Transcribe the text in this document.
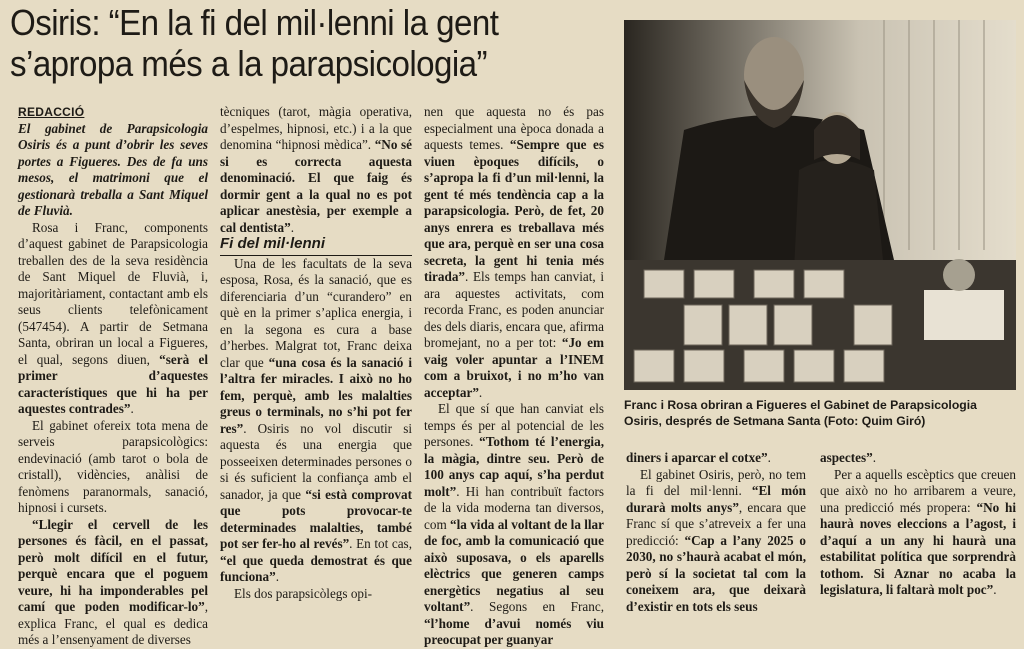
Osiris: “En la fi del mil·lenni la gent
s’apropa més a la parapsicologia”

REDACCIÓ

El gabinet de Parapsicologia Osiris és a punt d’obrir les seves portes a Figueres. Des de fa uns mesos, el matrimoni que el gestionarà treballa a Sant Miquel de Fluvià.

Rosa i Franc, components d’aquest gabinet de Parapsicologia treballen des de la seva residència de Sant Miquel de Fluvià, i, majoritàriament, contactant amb els seus clients telefònicament (547454). A partir de Setmana Santa, obriran un local a Figueres, el qual, segons diuen, “serà el primer d’aquestes característiques que hi ha per aquestes contrades”.

El gabinet ofereix tota mena de serveis parapsicològics: endevinació (amb tarot o bola de cristall), vidències, anàlisi de fenòmens paranormals, sanació, hipnosi i cursets.

“Llegir el cervell de les persones és fàcil, en el passat, però molt difícil en el futur, perquè encara que el poguem veure, hi ha imponderables pel camí que poden modificar-lo”, explica Franc, el qual es dedica més a l’ensenyament de diverses

tècniques (tarot, màgia operativa, d’espelmes, hipnosi, etc.) i a la que denomina “hipnosi mèdica”. “No sé si es correcta aquesta denominació. El que faig és dormir gent a la qual no es pot aplicar anestèsia, per exemple a cal dentista”.

Fi del mil·lenni

Una de les facultats de la seva esposa, Rosa, és la sanació, que es diferenciaria d’un “curandero” en què en la primer s’aplica energia, i en la segona es cura a base d’herbes. Malgrat tot, Franc deixa clar que “una cosa és la sanació i l’altra fer miracles. I això no ho fem, perquè, amb les malalties greus o terminals, no s’hi pot fer res”. Osiris no vol discutir si aquesta és una energia que posseeixen determinades persones o si és suficient la confiança amb el sanador, ja que “si està comprovat que pots provocar-te determinades malalties, també pot ser fer-ho al revés”. En tot cas, “el que queda demostrat és que funciona”.

Els dos parapsicòlegs opi-

nen que aquesta no és pas especialment una època donada a aquests temes. “Sempre que es viuen èpoques difícils, o s’apropa la fi d’un mil·lenni, la gent té més tendència cap a la parapsicologia. Però, de fet, 20 anys enrera es treballava més que ara, perquè en ser una cosa secreta, la gent hi tenia més tirada”. Els temps han canviat, i ara aquestes activitats, com recorda Franc, es poden anunciar des dels diaris, encara que, afirma bromejant, no a per tot: “Jo em vaig voler apuntar a l’INEM com a bruixot, i no m’ho van acceptar”.

El que sí que han canviat els temps és per al potencial de les persones. “Tothom té l’energia, la màgia, dintre seu. Però de 100 anys cap aquí, s’ha perdut molt”. Hi han contribuït factors de la vida moderna tan diversos, com “la vida al voltant de la llar de foc, amb la comunicació que això suposava, o els aparells elèctrics que generen camps energètics negatius al seu voltant”. Segons en Franc, “l’home d’avui només viu preocupat per guanyar

Franc i Rosa obriran a Figueres el Gabinet de Parapsicologia Osiris, després de Setmana Santa (Foto: Quim Giró)

diners i aparcar el cotxe”.

El gabinet Osiris, però, no tem la fi del mil·lenni. “El món durarà molts anys”, encara que Franc sí que s’atreveix a fer una predicció: “Cap a l’any 2025 o 2030, no s’haurà acabat el món, però sí la societat tal com la coneixem ara, que deixarà d’existir en tots els seus

aspectes”.

Per a aquells escèptics que creuen que això no ho arribarem a veure, una predicció més propera: “No hi haurà noves eleccions a l’agost, i d’aquí a un any hi haurà una estabilitat política que sorprendrà tothom. Si Aznar no acaba la legislatura, li faltarà molt poc”.
